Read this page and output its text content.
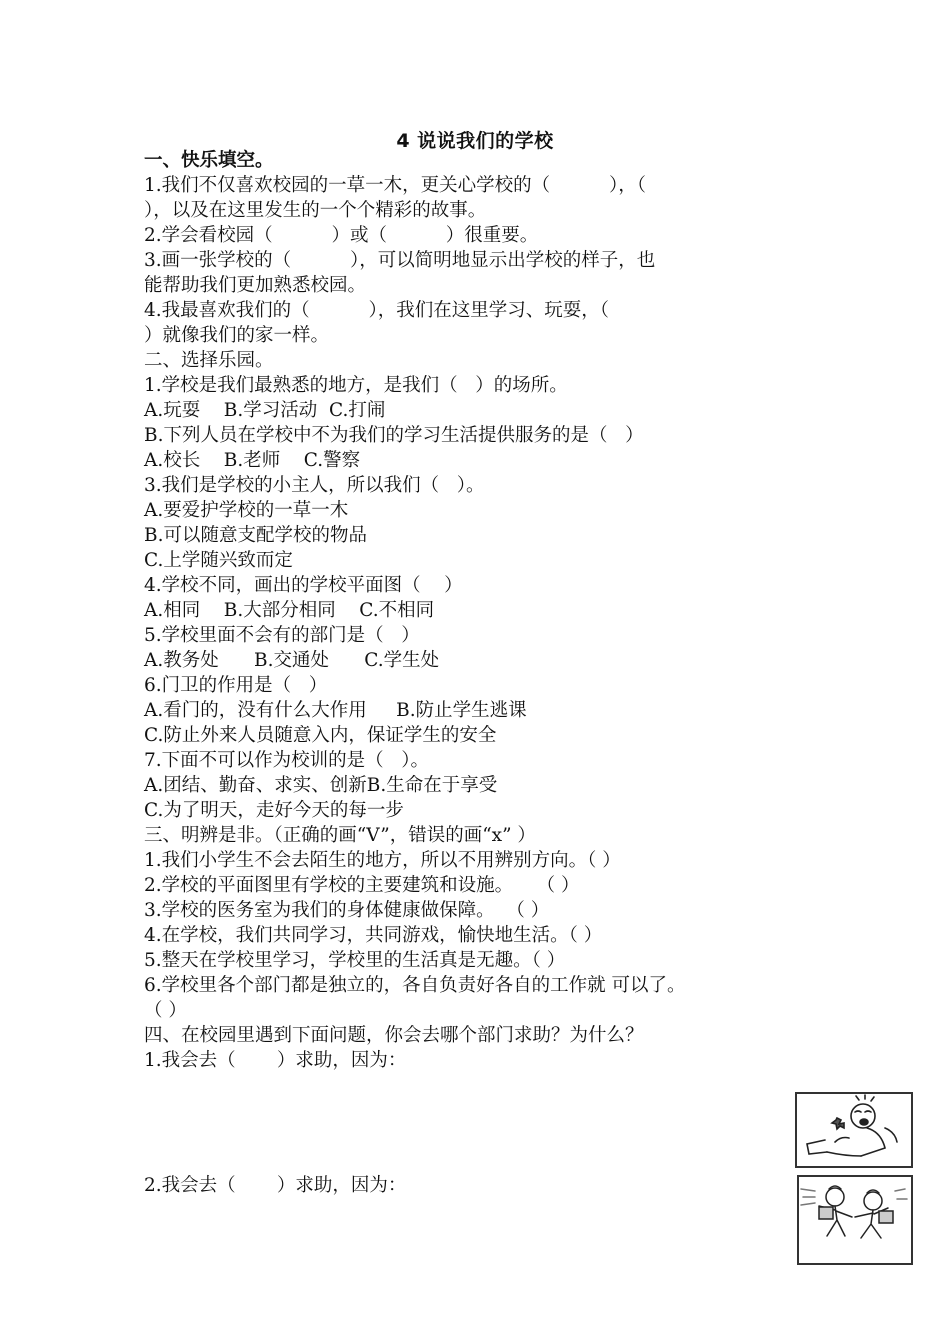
4 说说我们的学校
一、快乐填空。
1.我们不仅喜欢校园的一草一木，更关心学校的（          ），（
），以及在这里发生的一个个精彩的故事。
2.学会看校园（          ）或（          ）很重要。
3.画一张学校的（          ），可以简明地显示出学校的样子，也
能帮助我们更加熟悉校园。
4.我最喜欢我们的（          ），我们在这里学习、玩耍，（
）就像我们的家一样。
二、选择乐园。
1.学校是我们最熟悉的地方，是我们（   ）的场所。
A.玩耍    B.学习活动  C.打闹
B.下列人员在学校中不为我们的学习生活提供服务的是（   ）
A.校长    B.老师    C.警察
3.我们是学校的小主人，所以我们（   ）。
A.要爱护学校的一草一木
B.可以随意支配学校的物品
C.上学随兴致而定
4.学校不同，画出的学校平面图（    ）
A.相同    B.大部分相同    C.不相同
5.学校里面不会有的部门是（   ）
A.教务处      B.交通处      C.学生处
6.门卫的作用是（   ）
A.看门的，没有什么大作用     B.防止学生逃课
C.防止外来人员随意入内，保证学生的安全
7.下面不可以作为校训的是（   ）。
A.团结、勤奋、求实、创新B.生命在于享受
C.为了明天，走好今天的每一步
三、明辨是非。（正确的画“V”，错误的画“x” ）
1.我们小学生不会去陌生的地方，所以不用辨别方向。（ ）
2.学校的平面图里有学校的主要建筑和设施。    （ ）
3.学校的医务室为我们的身体健康做保障。  （ ）
4.在学校，我们共同学习，共同游戏，愉快地生活。（ ）
5.整天在学校里学习，学校里的生活真是无趣。（ ）
6.学校里各个部门都是独立的，各自负责好各自的工作就 可以了。
（ ）
四、在校园里遇到下面问题，你会去哪个部门求助？为什么？
1.我会去（       ）求助，因为：
2.我会去（       ）求助，因为：
